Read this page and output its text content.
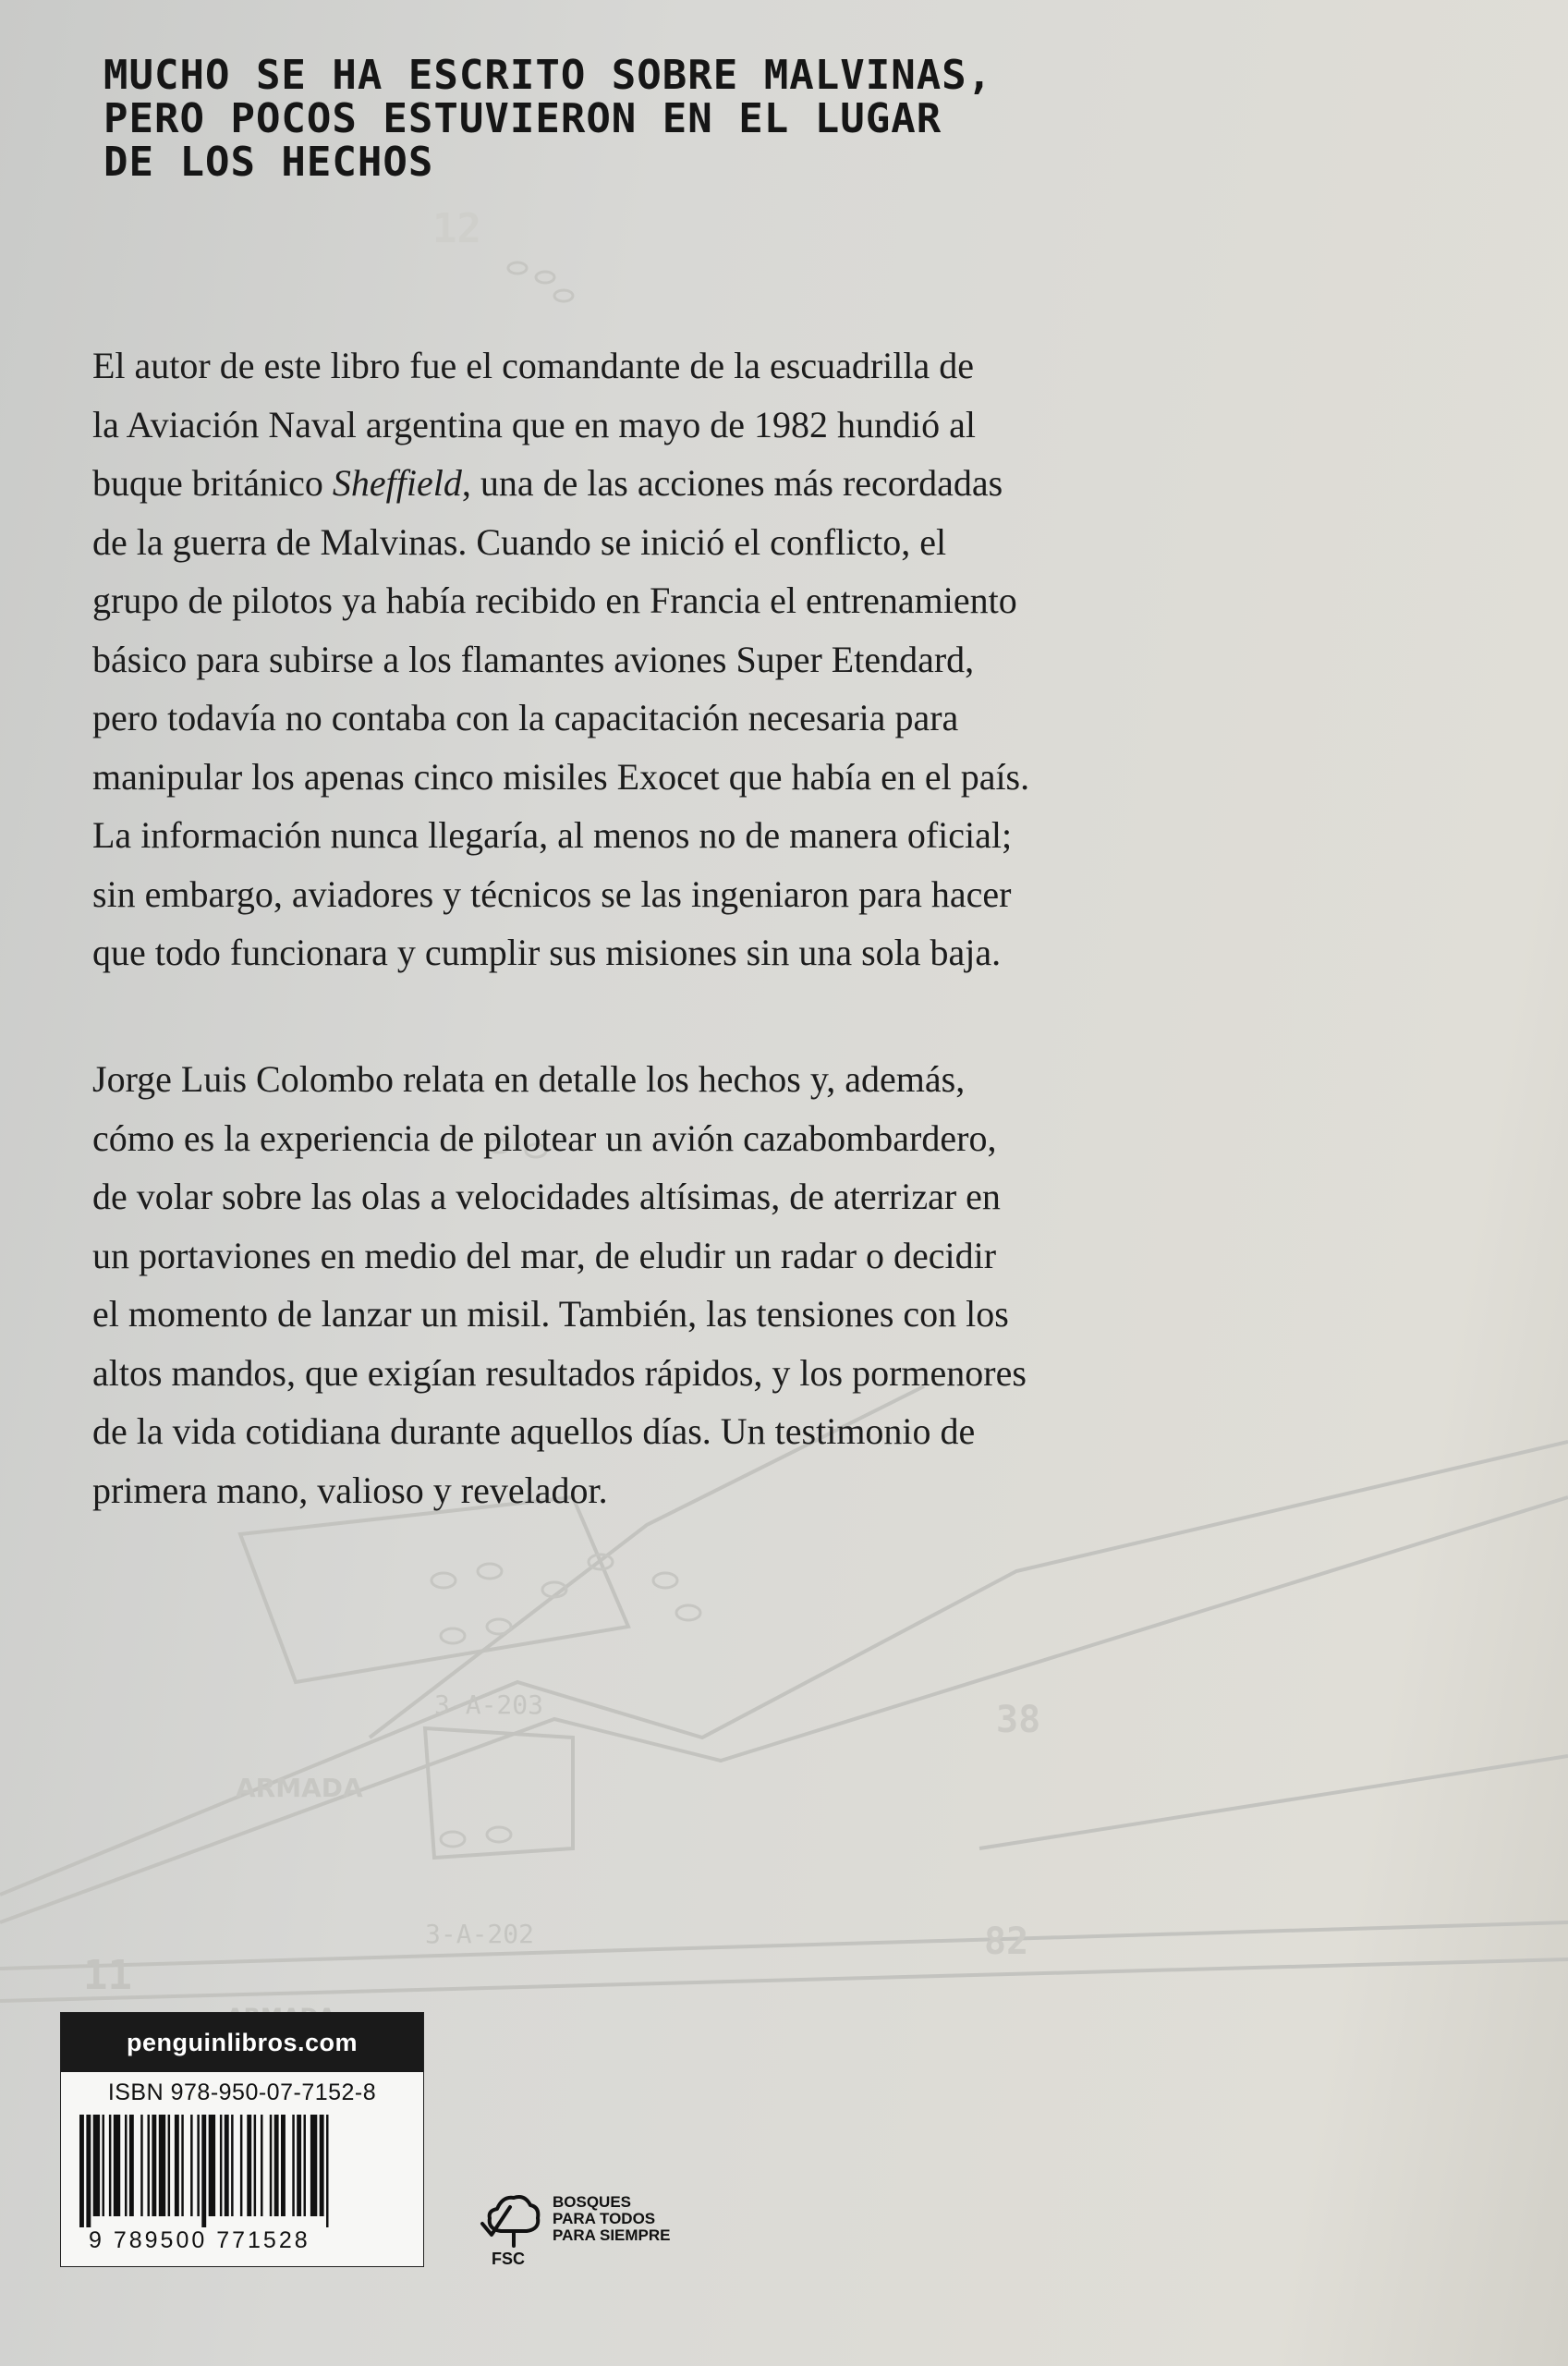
12
3-A-203
ARMADA
38
3-A-202
11
82
MUCHO SE HA ESCRITO SOBRE MALVINAS,
PERO POCOS ESTUVIERON EN EL LUGAR
DE LOS HECHOS
El autor de este libro fue el comandante de la escuadrilla de
la Aviación Naval argentina que en mayo de 1982 hundió al
buque británico Sheffield, una de las acciones más recordadas
de la guerra de Malvinas. Cuando se inició el conflicto, el
grupo de pilotos ya había recibido en Francia el entrenamiento
básico para subirse a los flamantes aviones Super Etendard,
pero todavía no contaba con la capacitación necesaria para
manipular los apenas cinco misiles Exocet que había en el país.
La información nunca llegaría, al menos no de manera oficial;
sin embargo, aviadores y técnicos se las ingeniaron para hacer
que todo funcionara y cumplir sus misiones sin una sola baja.
Jorge Luis Colombo relata en detalle los hechos y, además,
cómo es la experiencia de pilotear un avión cazabombardero,
de volar sobre las olas a velocidades altísimas, de aterrizar en
un portaviones en medio del mar, de eludir un radar o decidir
el momento de lanzar un misil. También, las tensiones con los
altos mandos, que exigían resultados rápidos, y los pormenores
de la vida cotidiana durante aquellos días. Un testimonio de
primera mano, valioso y revelador.
penguinlibros.com
ISBN 978-950-07-7152-8
9 789500 771528
BOSQUES
PARA TODOS
PARA SIEMPRE
FSC
